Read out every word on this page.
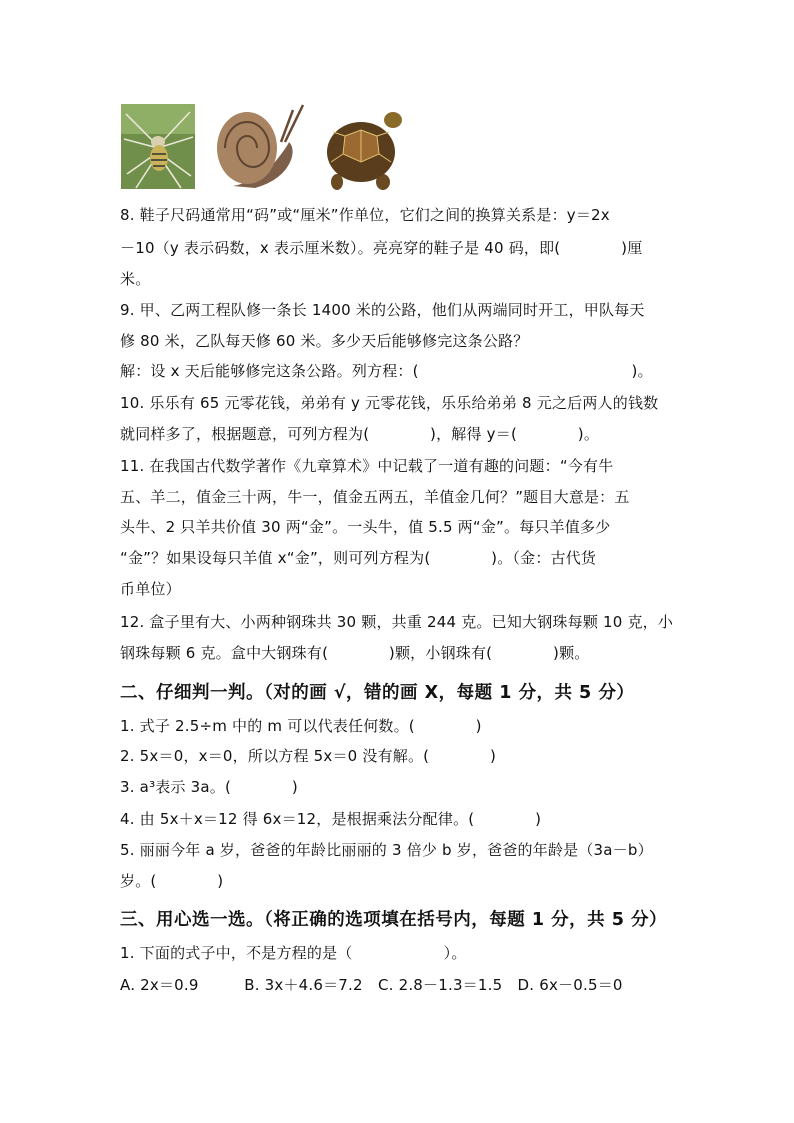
8. 鞋子尺码通常用“码”或“厘米”作单位，它们之间的换算关系是：y＝2x
－10（y 表示码数，x 表示厘米数）。亮亮穿的鞋子是 40 码，即(　　　　)厘
米。
9. 甲、乙两工程队修一条长 1400 米的公路，他们从两端同时开工，甲队每天
修 80 米，乙队每天修 60 米。多少天后能够修完这条公路？
解：设 x 天后能够修完这条公路。列方程：(　　　　　　　　　　　　　　)。
10. 乐乐有 65 元零花钱，弟弟有 y 元零花钱，乐乐给弟弟 8 元之后两人的钱数
就同样多了，根据题意，可列方程为(　　　　)，解得 y＝(　　　　)。
11. 在我国古代数学著作《九章算术》中记载了一道有趣的问题：“今有牛
五、羊二，值金三十两，牛一，值金五两五，羊值金几何？”题目大意是：五
头牛、2 只羊共价值 30 两“金”。一头牛，值 5.5 两“金”。每只羊值多少
“金”？如果设每只羊值 x“金”，则可列方程为(　　　　)。（金：古代货
币单位）
12. 盒子里有大、小两种钢珠共 30 颗，共重 244 克。已知大钢珠每颗 10 克，小
钢珠每颗 6 克。盒中大钢珠有(　　　　)颗，小钢珠有(　　　　)颗。
二、仔细判一判。（对的画 √，错的画 X，每题 1 分，共 5 分）
1. 式子 2.5÷m 中的 m 可以代表任何数。(　　　　)
2. 5x＝0，x＝0，所以方程 5x＝0 没有解。(　　　　)
3. a³表示 3a。(　　　　)
4. 由 5x＋x＝12 得 6x＝12，是根据乘法分配律。(　　　　)
5. 丽丽今年 a 岁，爸爸的年龄比丽丽的 3 倍少 b 岁，爸爸的年龄是（3a－b）
岁。(　　　　)
三、用心选一选。（将正确的选项填在括号内，每题 1 分，共 5 分）
1. 下面的式子中，不是方程的是（　　　　　　）。
A. 2x＝0.9　　　B. 3x＋4.6＝7.2　C. 2.8－1.3＝1.5　D. 6x－0.5＝0
